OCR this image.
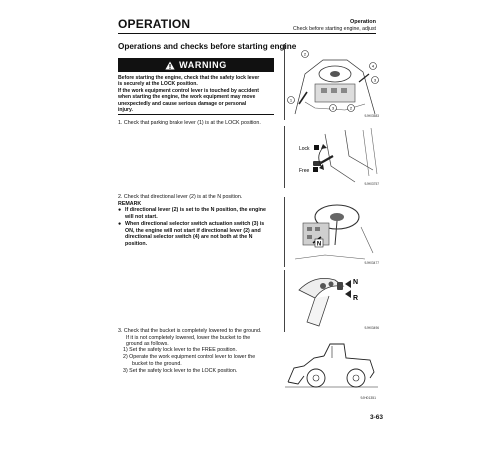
OPERATION	Operation
Check before starting engine, adjust
Operations and checks before starting engine
WARNING
Before starting the engine, check that the safety lock lever
is securely at the LOCK position.
If the work equipment control lever is touched by accident
when starting the engine, the work equipment may move
unexpectedly and cause serious damage or personal
injury.
1. Check that parking brake lever (1) is at the LOCK position.
2. Check that directional lever (2) is at the N position.
REMARK
● If directional lever (2) is set to the N position, the engine will not start.
● When directional selector switch actuation switch (3) is ON, the engine will not start if directional lever (2) and directional selector switch (4) are not both at the N position.
3. Check that the bucket is completely lowered to the ground.
If it is not completely lowered, lower the bucket to the
ground as follows.
1) Set the safety lock lever to the FREE position.
2) Operate the work equipment control lever to lower the
bucket to the ground.
3) Set the safety lock lever to the LOCK position.
2
4
3
1
3	2
9JH03583
Lock
Free
9JH03757
N
9JH03477
N
R
9JH03496
9JH01351
3-63
